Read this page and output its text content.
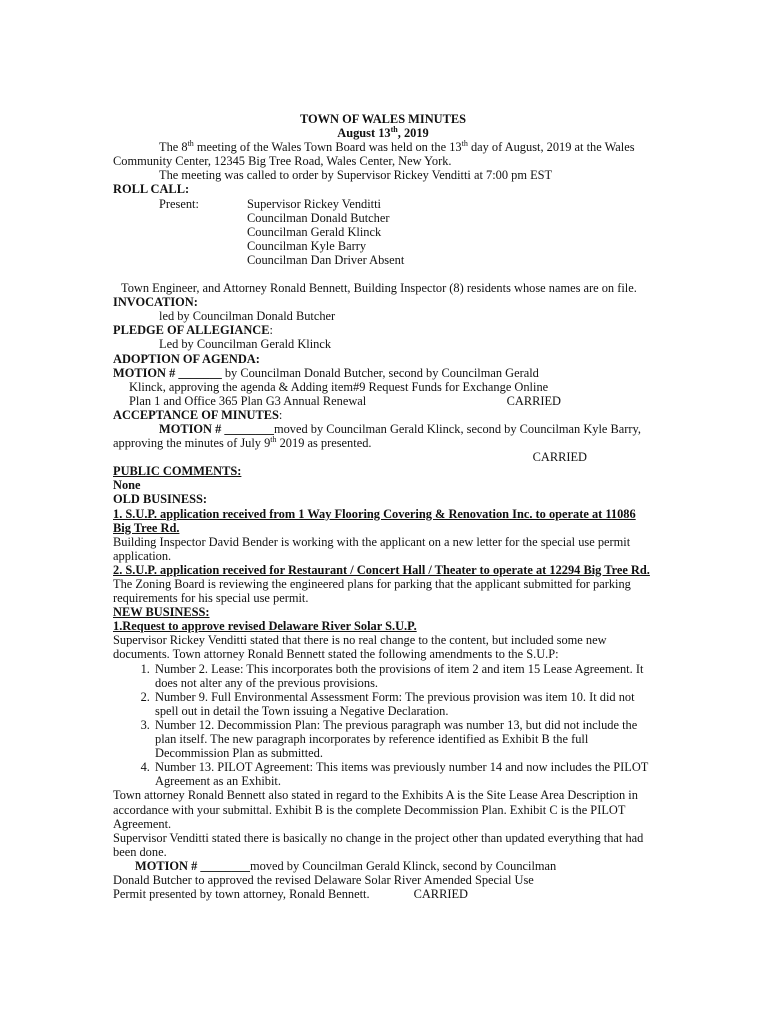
TOWN OF WALES MINUTES
August 13th, 2019
The 8th meeting of the Wales Town Board was held on the 13th day of August, 2019 at the Wales Community Center, 12345 Big Tree Road, Wales Center, New York.
The meeting was called to order by Supervisor Rickey Venditti at 7:00 pm EST
ROLL CALL:
Present:	Supervisor Rickey Venditti
Councilman Donald Butcher
Councilman Gerald Klinck
Councilman Kyle Barry
Councilman Dan Driver Absent
Town Engineer, and Attorney Ronald Bennett, Building Inspector (8) residents whose names are on file.
INVOCATION:
led by Councilman Donald Butcher
PLEDGE OF ALLEGIANCE:
Led by Councilman Gerald Klinck
ADOPTION OF AGENDA:
MOTION # _______ by Councilman Donald Butcher, second by Councilman Gerald
Klinck, approving the agenda & Adding item#9 Request Funds for Exchange Online
Plan 1 and Office 365 Plan G3 Annual Renewal	CARRIED
ACCEPTANCE OF MINUTES:
MOTION # ________moved by Councilman Gerald Klinck, second by Councilman Kyle Barry, approving the minutes of July 9th 2019 as presented.
CARRIED
PUBLIC COMMENTS:
None
OLD BUSINESS:
1. S.U.P. application received from 1 Way Flooring Covering & Renovation Inc. to operate at 11086 Big Tree Rd.
Building Inspector David Bender is working with the applicant on a new letter for the special use permit application.
2. S.U.P. application received for Restaurant / Concert Hall / Theater to operate at 12294 Big Tree Rd.
The Zoning Board is reviewing the engineered plans for parking that the applicant submitted for parking requirements for his special use permit.
NEW BUSINESS:
1.Request to approve revised Delaware River Solar S.U.P.
Supervisor Rickey Venditti stated that there is no real change to the content, but included some new documents. Town attorney Ronald Bennett stated the following amendments to the S.U.P:
1. Number 2. Lease: This incorporates both the provisions of item 2 and item 15 Lease Agreement. It does not alter any of the previous provisions.
2. Number 9. Full Environmental Assessment Form: The previous provision was item 10. It did not spell out in detail the Town issuing a Negative Declaration.
3. Number 12. Decommission Plan: The previous paragraph was number 13, but did not include the plan itself. The new paragraph incorporates by reference identified as Exhibit B the full Decommission Plan as submitted.
4. Number 13. PILOT Agreement: This items was previously number 14 and now includes the PILOT Agreement as an Exhibit.
Town attorney Ronald Bennett also stated in regard to the Exhibits A is the Site Lease Area Description in accordance with your submittal. Exhibit B is the complete Decommission Plan. Exhibit C is the PILOT Agreement.
Supervisor Venditti stated there is basically no change in the project other than updated everything that had been done.
MOTION # ________moved by Councilman Gerald Klinck, second by Councilman
Donald Butcher to approved the revised Delaware Solar River Amended Special Use
Permit presented by town attorney, Ronald Bennett.	CARRIED
